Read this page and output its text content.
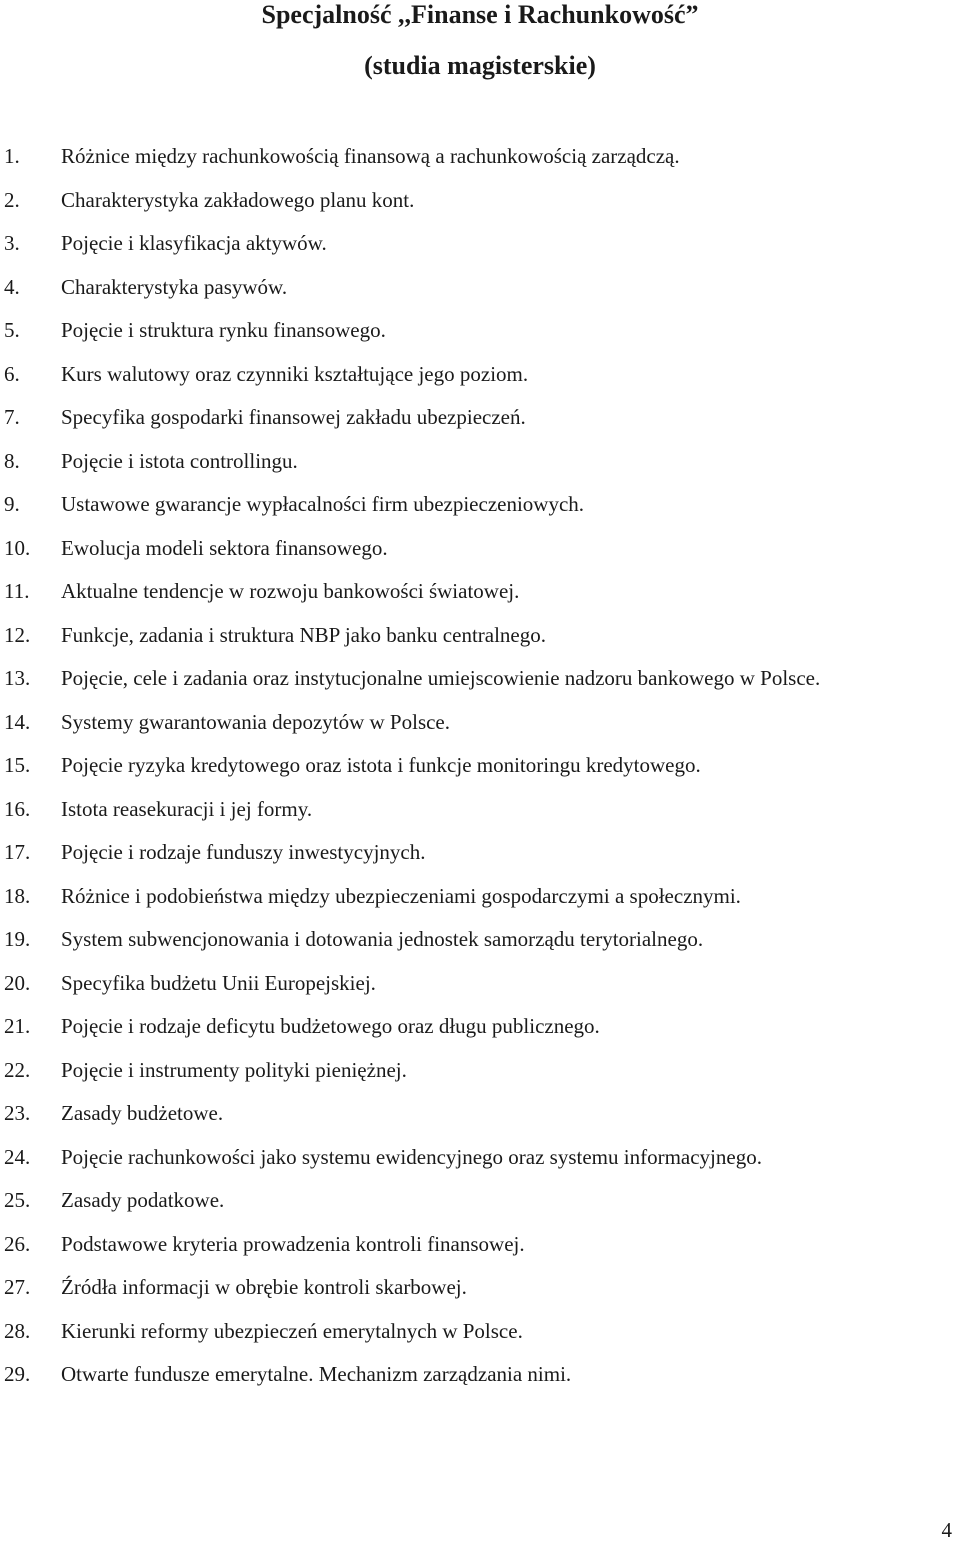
Specjalność ,,Finanse i Rachunkowość”
(studia magisterskie)
1.	Różnice między rachunkowością finansową a rachunkowością zarządczą.
2.	Charakterystyka zakładowego planu kont.
3.	Pojęcie i klasyfikacja aktywów.
4.	Charakterystyka pasywów.
5.	Pojęcie i struktura rynku finansowego.
6.	Kurs walutowy oraz czynniki kształtujące jego poziom.
7.	Specyfika gospodarki finansowej zakładu ubezpieczeń.
8.	Pojęcie i istota controllingu.
9.	Ustawowe gwarancje wypłacalności firm ubezpieczeniowych.
10.	Ewolucja modeli sektora finansowego.
11.	Aktualne tendencje w rozwoju bankowości światowej.
12.	Funkcje, zadania i struktura NBP jako banku centralnego.
13.	Pojęcie, cele i zadania oraz instytucjonalne umiejscowienie nadzoru bankowego w Polsce.
14.	Systemy gwarantowania depozytów w Polsce.
15.	Pojęcie ryzyka kredytowego oraz istota i funkcje monitoringu kredytowego.
16.	Istota reasekuracji i jej formy.
17.	Pojęcie i rodzaje funduszy inwestycyjnych.
18.	Różnice i podobieństwa między ubezpieczeniami gospodarczymi a społecznymi.
19.	System subwencjonowania i dotowania jednostek samorządu terytorialnego.
20.	Specyfika budżetu Unii Europejskiej.
21.	Pojęcie i rodzaje deficytu budżetowego oraz długu publicznego.
22.	Pojęcie i instrumenty polityki pieniężnej.
23.	Zasady budżetowe.
24.	Pojęcie rachunkowości jako systemu ewidencyjnego oraz systemu informacyjnego.
25.	Zasady podatkowe.
26.	Podstawowe kryteria prowadzenia kontroli finansowej.
27.	Źródła informacji w obrębie kontroli skarbowej.
28.	Kierunki reformy ubezpieczeń emerytalnych w Polsce.
29.	Otwarte fundusze emerytalne. Mechanizm zarządzania nimi.
4
